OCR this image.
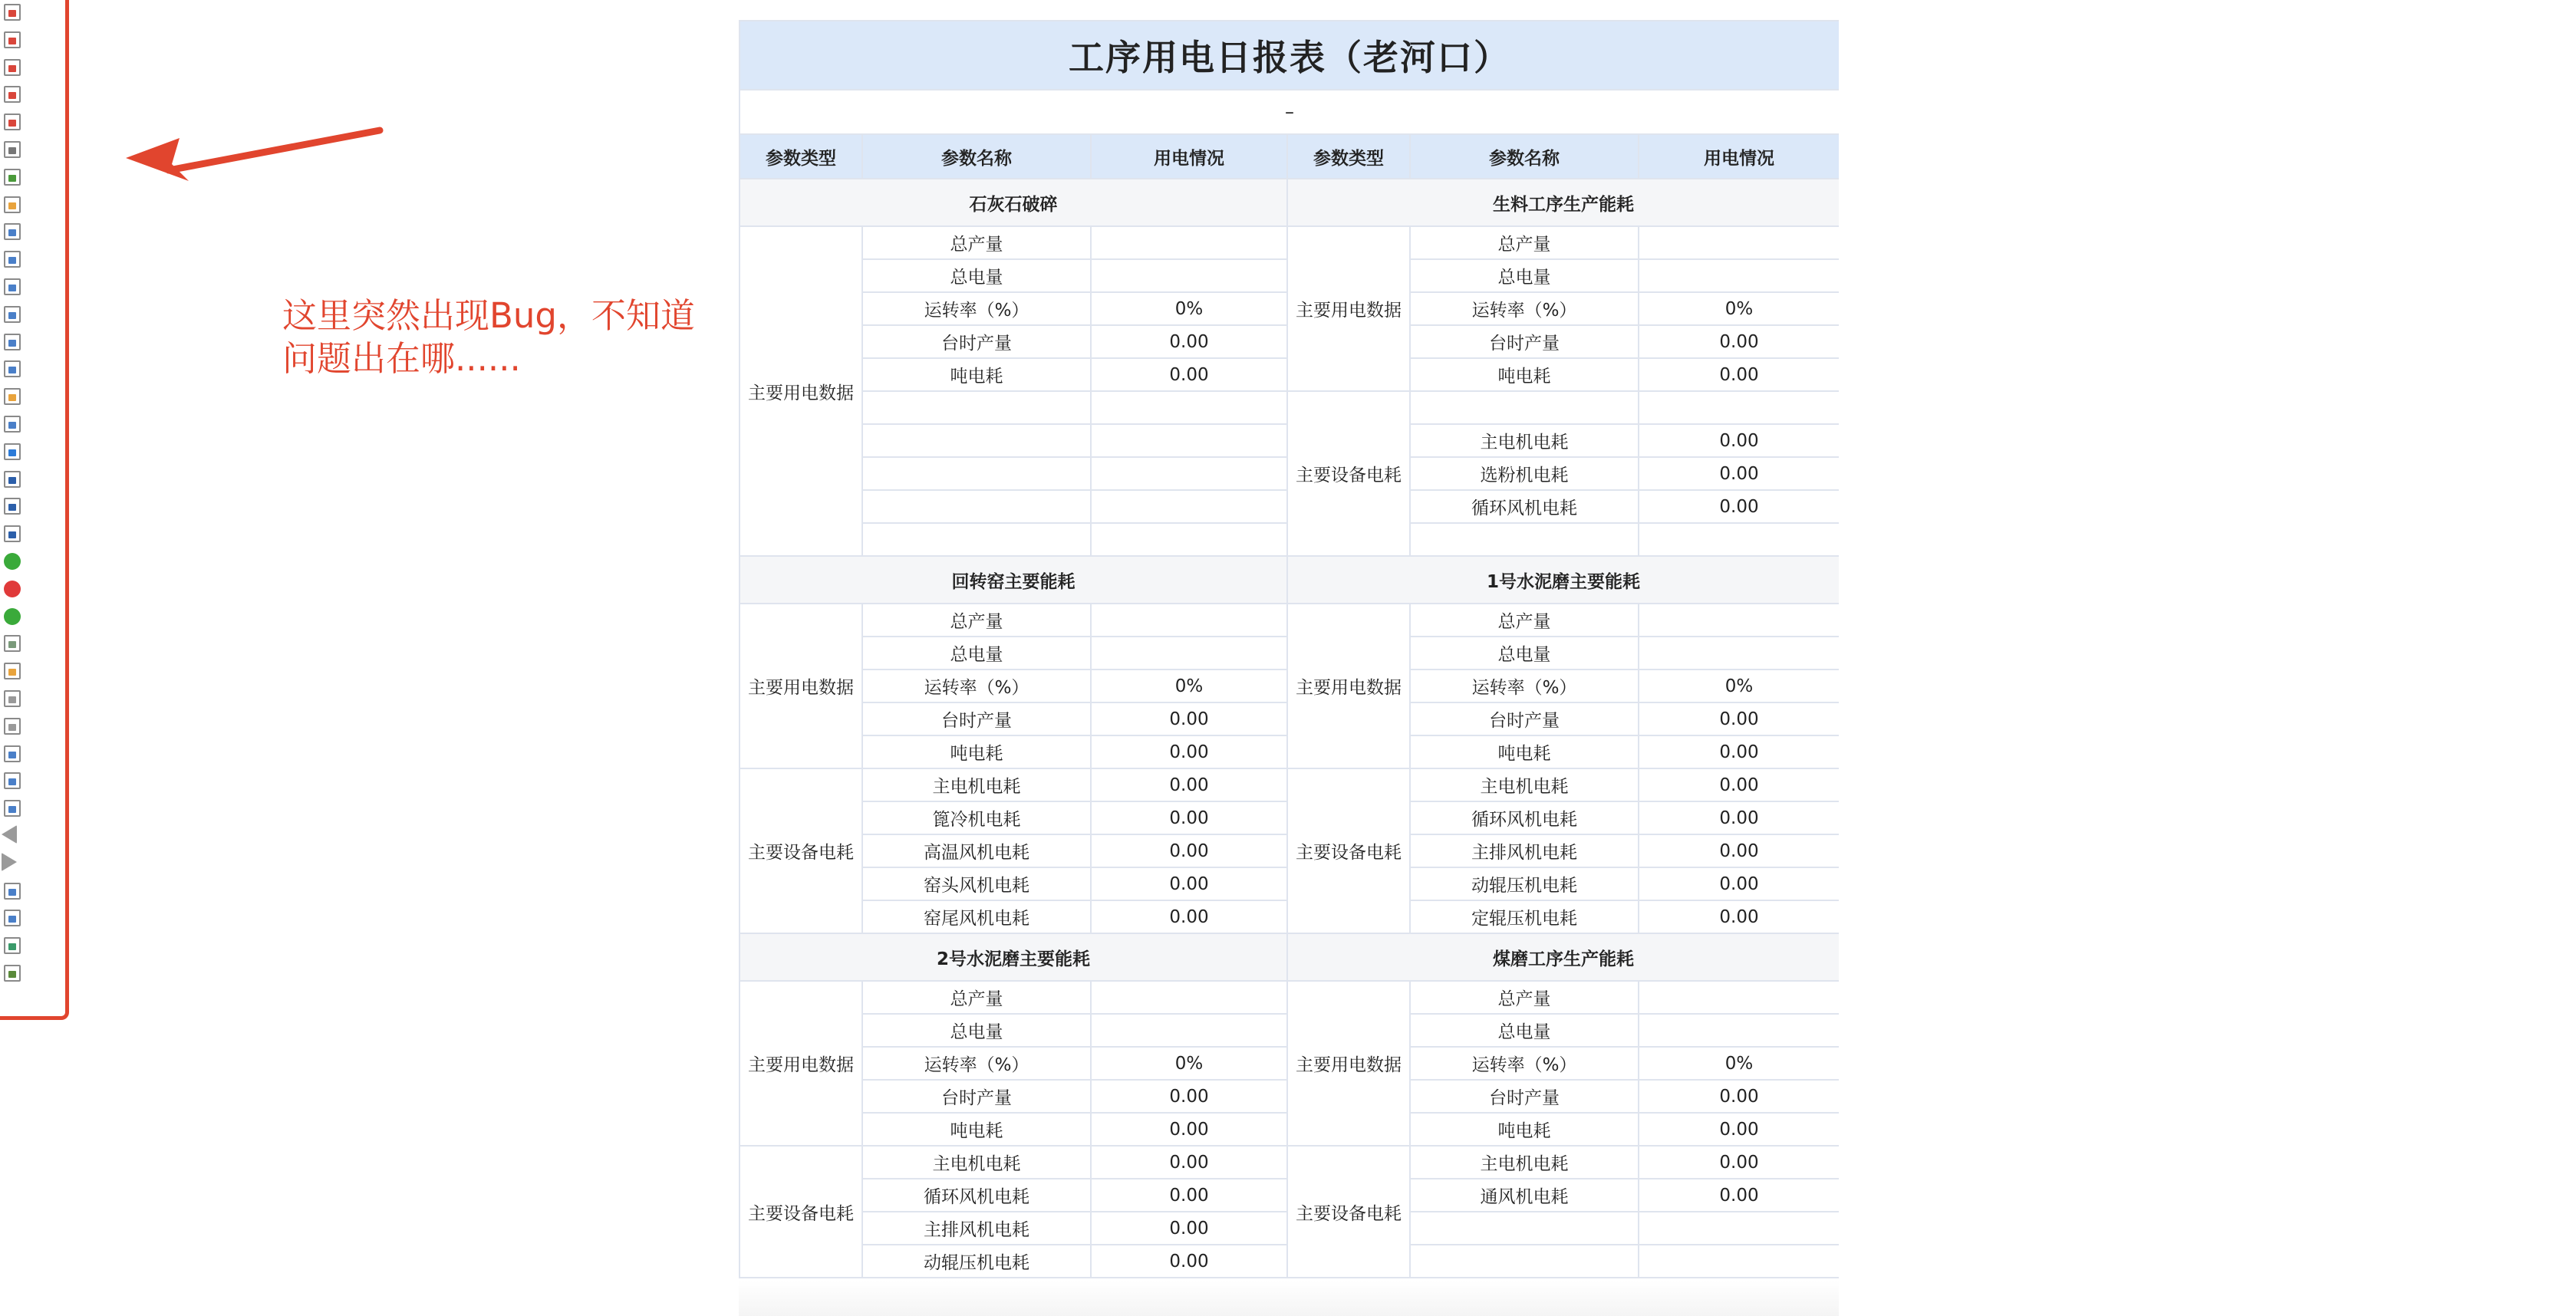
这里突然出现Bug，不知道
问题出在哪......
工序用电日报表（老河口）					
–					
参数类型	参数名称	用电情况	参数类型	参数名称	用电情况
石灰石破碎			生料工序生产能耗		
主要用电数据	总产量		主要用电数据	总产量	
	总电量			总电量	
	运转率（%）	0%		运转率（%）	0%
	台时产量	0.00		台时产量	0.00
	吨电耗	0.00		吨电耗	0.00
			主要设备电耗		
				主电机电耗	0.00
				选粉机电耗	0.00
				循环风机电耗	0.00

回转窑主要能耗			1号水泥磨主要能耗		
主要用电数据	总产量		主要用电数据	总产量	
	总电量			总电量	
	运转率（%）	0%		运转率（%）	0%
	台时产量	0.00		台时产量	0.00
	吨电耗	0.00		吨电耗	0.00
主要设备电耗	主电机电耗	0.00	主要设备电耗	主电机电耗	0.00
	篦冷机电耗	0.00		循环风机电耗	0.00
	高温风机电耗	0.00		主排风机电耗	0.00
	窑头风机电耗	0.00		动辊压机电耗	0.00
	窑尾风机电耗	0.00		定辊压机电耗	0.00
2号水泥磨主要能耗			煤磨工序生产能耗		
主要用电数据	总产量		主要用电数据	总产量	
	总电量			总电量	
	运转率（%）	0%		运转率（%）	0%
	台时产量	0.00		台时产量	0.00
	吨电耗	0.00		吨电耗	0.00
主要设备电耗	主电机电耗	0.00	主要设备电耗	主电机电耗	0.00
	循环风机电耗	0.00		通风机电耗	0.00
	主排风机电耗	0.00			
	动辊压机电耗	0.00			
